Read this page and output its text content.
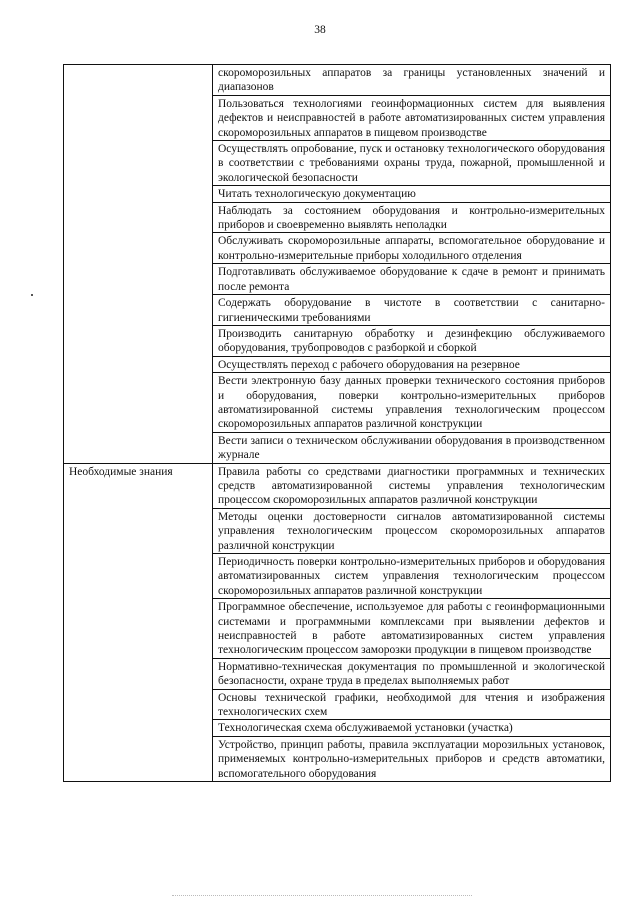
38
	скороморозильных аппаратов за границы установленных значений и диапазонов
	Пользоваться технологиями геоинформационных систем для выявления дефектов и неисправностей в работе автоматизированных систем управления скороморозильных аппаратов в пищевом производстве
	Осуществлять опробование, пуск и остановку технологического оборудования в соответствии с требованиями охраны труда, пожарной, промышленной и экологической безопасности
	Читать технологическую документацию
	Наблюдать за состоянием оборудования и контрольно-измерительных приборов и своевременно выявлять неполадки
	Обслуживать скороморозильные аппараты, вспомогательное оборудование и контрольно-измерительные приборы холодильного отделения
	Подготавливать обслуживаемое оборудование к сдаче в ремонт и принимать после ремонта
	Содержать оборудование в чистоте в соответствии с санитарно-гигиеническими требованиями
	Производить санитарную обработку и дезинфекцию обслуживаемого оборудования, трубопроводов с разборкой и сборкой
	Осуществлять переход с рабочего оборудования на резервное
	Вести электронную базу данных проверки технического состояния приборов и оборудования, поверки контрольно-измерительных приборов автоматизированной системы управления технологическим процессом скороморозильных аппаратов различной конструкции
	Вести записи о техническом обслуживании оборудования в производственном журнале
Необходимые знания	Правила работы со средствами диагностики программных и технических средств автоматизированной системы управления технологическим процессом скороморозильных аппаратов различной конструкции
	Методы оценки достоверности сигналов автоматизированной системы управления технологическим процессом скороморозильных аппаратов различной конструкции
	Периодичность поверки контрольно-измерительных приборов и оборудования автоматизированных систем управления технологическим процессом скороморозильных аппаратов различной конструкции
	Программное обеспечение, используемое для работы с геоинформационными системами и программными комплексами при выявлении дефектов и неисправностей в работе автоматизированных систем управления технологическим процессом заморозки продукции в пищевом производстве
	Нормативно-техническая документация по промышленной и экологической безопасности, охране труда в пределах выполняемых работ
	Основы технической графики, необходимой для чтения и изображения технологических схем
	Технологическая схема обслуживаемой установки (участка)
	Устройство, принцип работы, правила эксплуатации морозильных установок, применяемых контрольно-измерительных приборов и средств автоматики, вспомогательного оборудования
